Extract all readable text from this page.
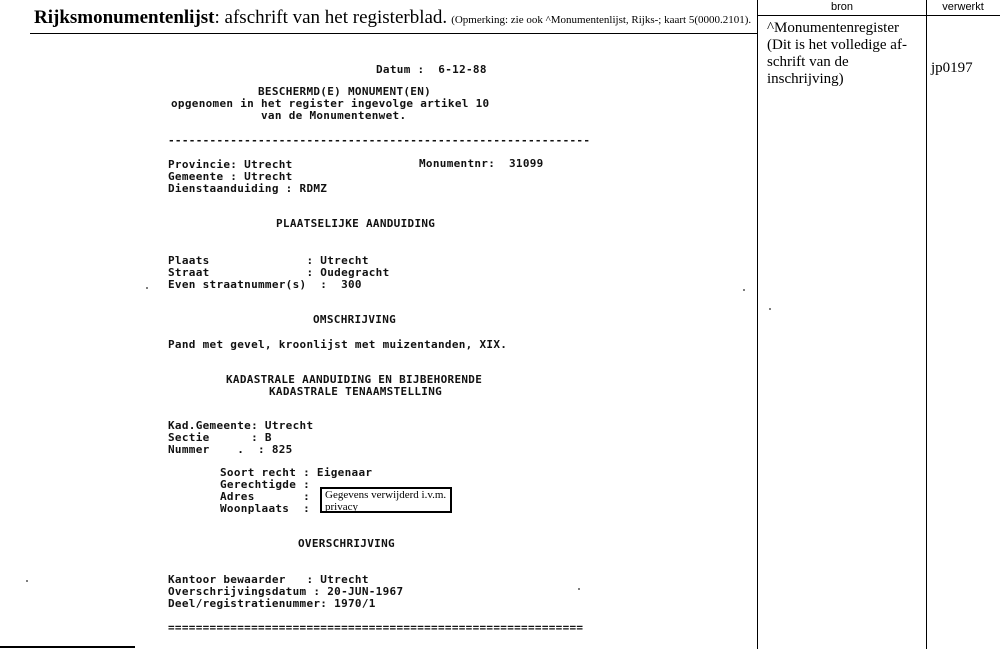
Rijksmonumentenlijst: afschrift van het registerblad. (Opmerking: zie ook ^Monumentenlijst, Rijks-; kaart 5(0000.2101).
bron
^Monumentenregister
(Dit is het volledige af-
schrift van de inschrijving)
verwerkt
jp0197
Datum :  6-12-88
BESCHERMD(E) MONUMENT(EN)
opgenomen in het register ingevolge artikel 10
van de Monumentenwet.
-------------------------------------------------------------
Provincie: Utrecht	Monumentnr:  31099
Gemeente : Utrecht
Dienstaanduiding : RDMZ
PLAATSELIJKE AANDUIDING
Plaats              : Utrecht
Straat              : Oudegracht
Even straatnummer(s)  :  300
OMSCHRIJVING
Pand met gevel, kroonlijst met muizentanden, XIX.
KADASTRALE AANDUIDING EN BIJBEHORENDE
KADASTRALE TENAAMSTELLING
Kad.Gemeente: Utrecht
Sectie      : B
Nummer    .  : 825
Soort recht : Eigenaar
Gerechtigde :
Adres       :
Woonplaats  :
Gegevens verwijderd i.v.m. privacy
OVERSCHRIJVING
Kantoor bewaarder   : Utrecht
Overschrijvingsdatum : 20-JUN-1967
Deel/registratienummer: 1970/1
============================================================
